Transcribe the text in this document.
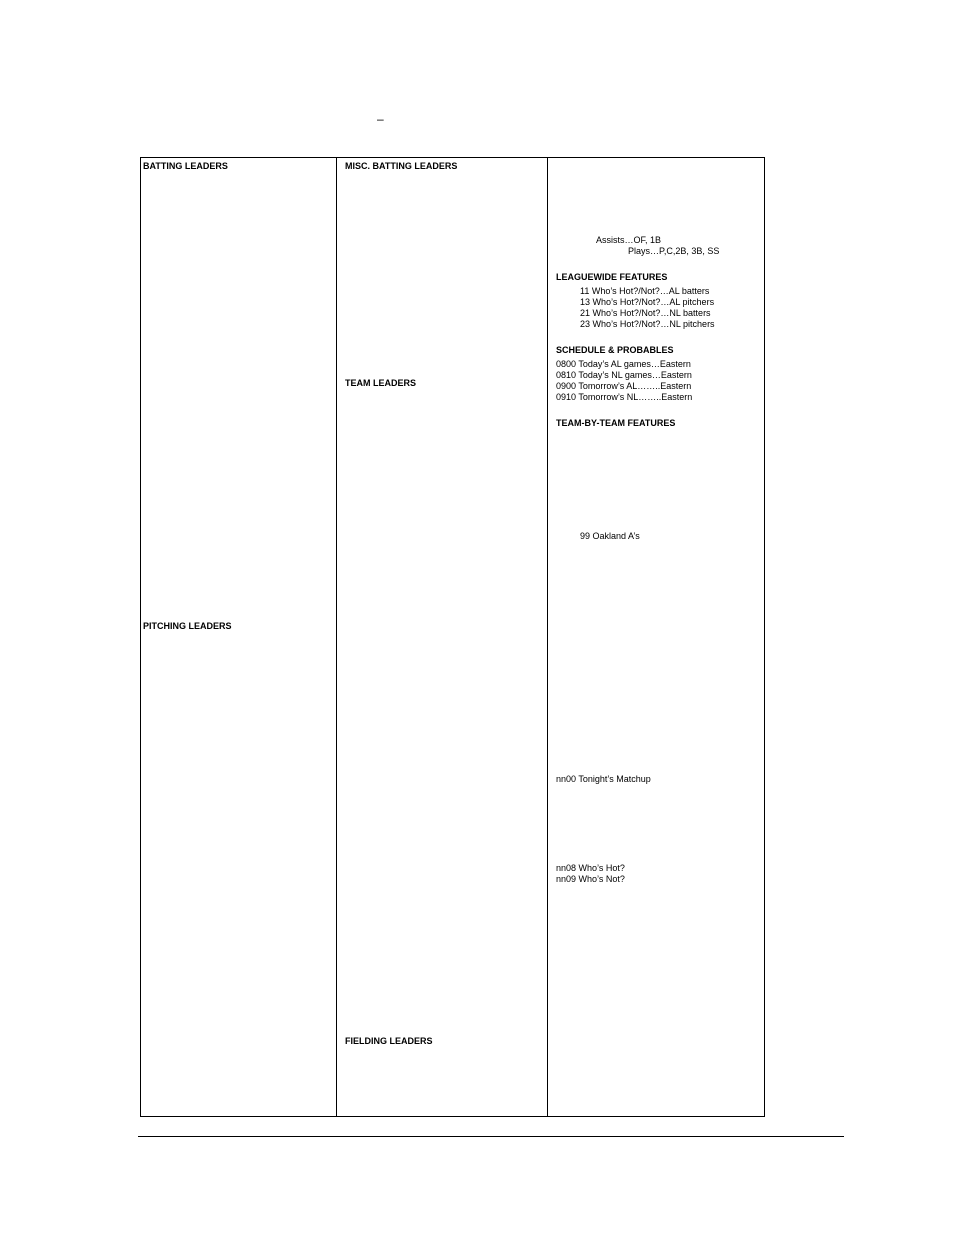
–
BATTING LEADERS
PITCHING LEADERS
MISC. BATTING LEADERS
TEAM LEADERS
FIELDING LEADERS
Assists…OF, 1B
Plays…P,C,2B, 3B, SS
LEAGUEWIDE FEATURES
11 Who’s Hot?/Not?…AL batters
13 Who’s Hot?/Not?…AL pitchers
21 Who’s Hot?/Not?…NL batters
23 Who’s Hot?/Not?…NL pitchers
SCHEDULE & PROBABLES
0800 Today’s AL games…Eastern
0810 Today’s NL games…Eastern
0900 Tomorrow’s AL……..Eastern
0910 Tomorrow’s NL……..Eastern
TEAM-BY-TEAM FEATURES
99 Oakland A’s
nn00 Tonight’s Matchup
nn08 Who’s Hot?
nn09 Who’s Not?
